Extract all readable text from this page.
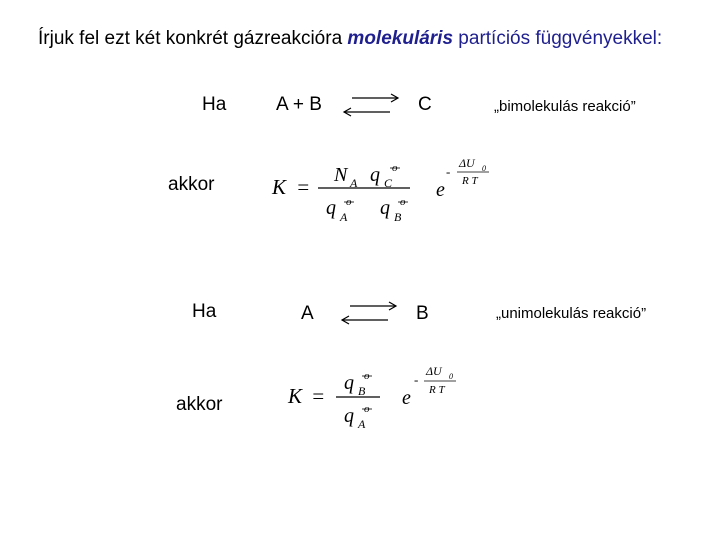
Írjuk fel ezt két konkrét gázreakcióra molekuláris partíciós függvényekkel:
Ha	A + B	C	„bimolekulás reakció”
akkor
Ha	A	B	„unimolekulás reakció”
akkor
K = N A q C
o
q A
o q B
o
e
-
ΔU 0
R T
K =
q B
o
q A
o e
-
ΔU 0
R T
